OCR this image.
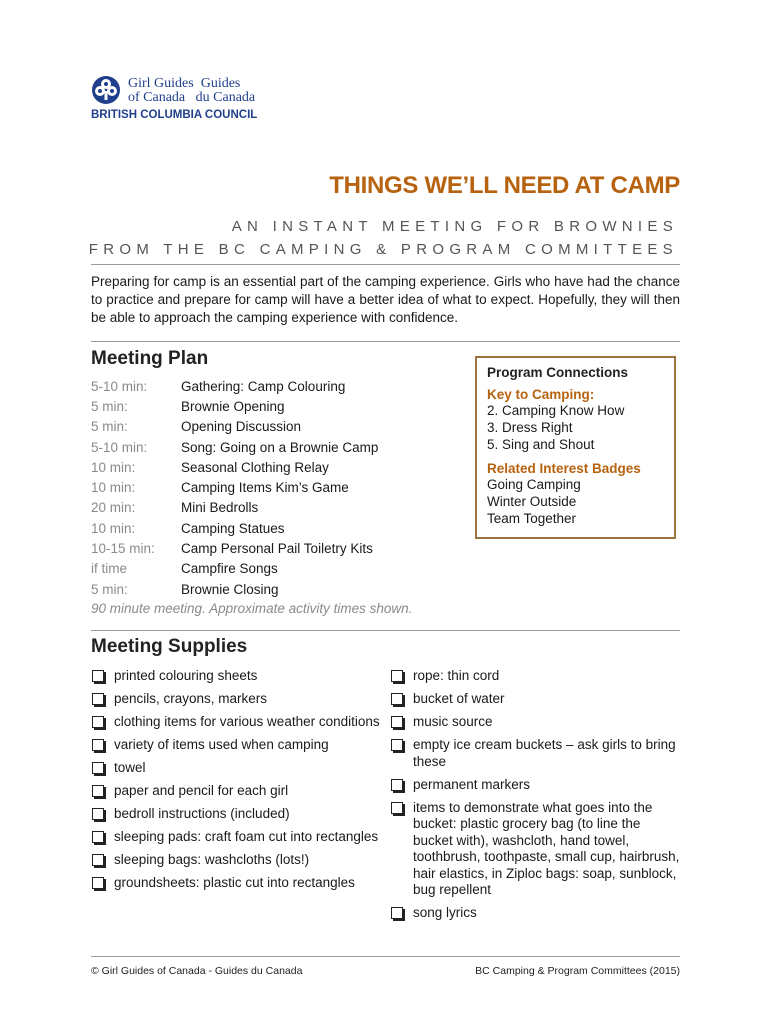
Girl Guides  Guides
of Canada   du Canada
BRITISH COLUMBIA COUNCIL
THINGS WE’LL NEED AT CAMP
AN INSTANT MEETING FOR BROWNIES
FROM THE BC CAMPING & PROGRAM COMMITTEES
Preparing for camp is an essential part of the camping experience. Girls who have had the chance to practice and prepare for camp will have a better idea of what to expect. Hopefully, they will then be able to approach the camping experience with confidence.
Meeting Plan
5-10 min:	Gathering: Camp Colouring
5 min:	Brownie Opening
5 min:	Opening Discussion
5-10 min:	Song: Going on a Brownie Camp
10 min:	Seasonal Clothing Relay
10 min:	Camping Items Kim’s Game
20 min:	Mini Bedrolls
10 min:	Camping Statues
10-15 min:	Camp Personal Pail Toiletry Kits
if time	Campfire Songs
5 min:	Brownie Closing
90 minute meeting. Approximate activity times shown.
Program Connections
Key to Camping:
2. Camping Know How
3. Dress Right
5. Sing and Shout
Related Interest Badges
Going Camping
Winter Outside
Team Together
Meeting Supplies
printed colouring sheets
pencils, crayons, markers
clothing items for various weather conditions
variety of items used when camping
towel
paper and pencil for each girl
bedroll instructions (included)
sleeping pads: craft foam cut into rectangles
sleeping bags: washcloths (lots!)
groundsheets: plastic cut into rectangles
rope: thin cord
bucket of water
music source
empty ice cream buckets – ask girls to bring these
permanent markers
items to demonstrate what goes into the bucket: plastic grocery bag (to line the bucket with), washcloth, hand towel, toothbrush, toothpaste, small cup, hairbrush, hair elastics, in Ziploc bags: soap, sunblock, bug repellent
song lyrics
© Girl Guides of Canada - Guides du Canada	BC Camping & Program Committees (2015)
